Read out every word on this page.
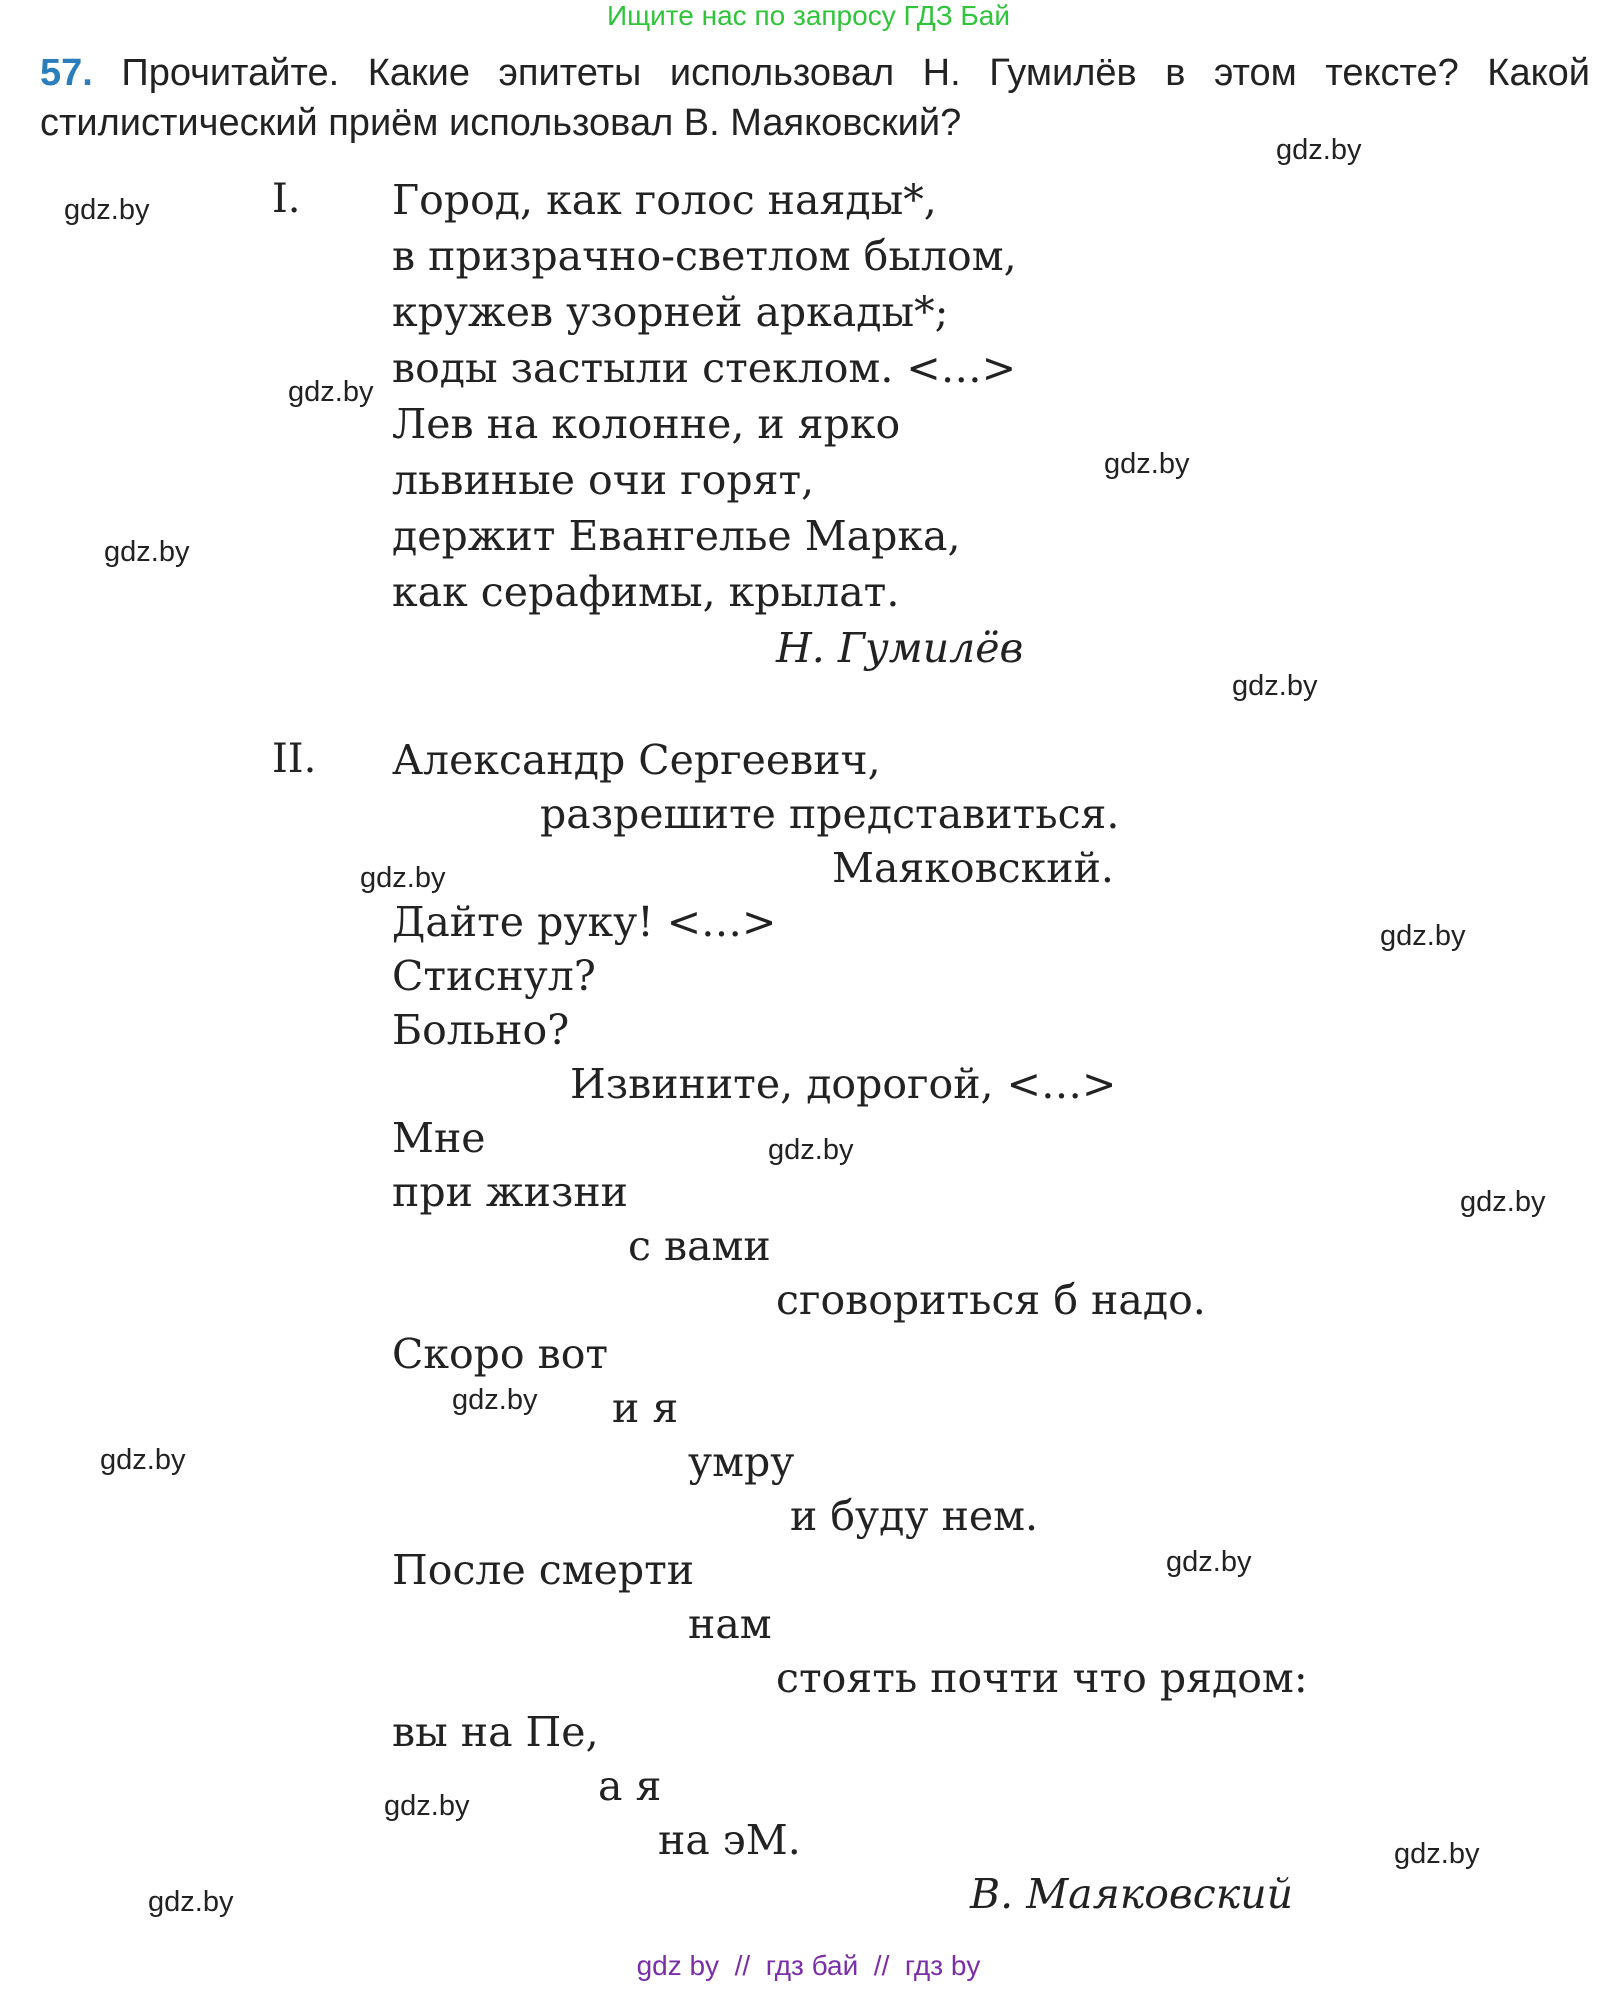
Ищите нас по запросу ГДЗ Бай
57. Прочитайте. Какие эпитеты использовал Н. Гумилёв в этом тексте? Какой стилистический приём использовал В. Маяковский?
I. Город, как голос наяды*,
в призрачно-светлом былом,
кружев узорней аркады*;
воды застыли стеклом. <…>
Лев на колонне, и ярко
львиные очи горят,
держит Евангелье Марка,
как серафимы, крылат.
Н. Гумилёв
II. Александр Сергеевич,
разрешите представиться.
Маяковский.
Дайте руку! <…>
Стиснул?
Больно?
Извините, дорогой, <…>
Мне
при жизни
с вами
сговориться б надо.
Скоро вот
и я
умру
и буду нем.
После смерти
нам
стоять почти что рядом:
вы на Пе,
а я
на эМ.
В. Маяковский
gdz.by
gdz.by
gdz.by
gdz.by
gdz.by
gdz.by
gdz.by
gdz.by
gdz.by
gdz.by
gdz.by
gdz.by
gdz.by
gdz.by
gdz.by
gdz.by
gdz by  //  гдз бай  //  гдз by
